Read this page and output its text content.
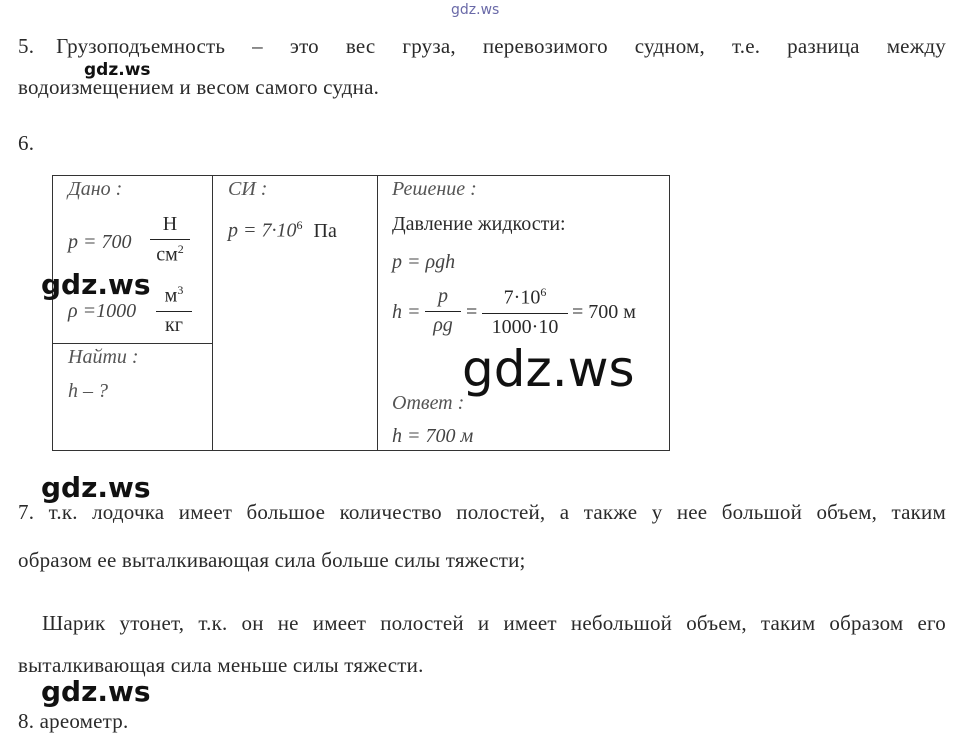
gdz.ws
5. Грузоподъемность – это вес груза, перевозимого судном, т.е. разница между
gdz.ws
водоизмещением и весом самого судна.
6.
Дано :
p = 700
Н
$см^2$
ρ =1000
$м^3$
кг
Найти :
h – ?
СИ :
$p = 7\cdot 10^6$ Па
Решение :
Давление жидкости:
p = ρgh
h =
p
ρg
=
$7\cdot 10^6$
1000·10
= 700 м
Ответ :
h = 700 м
gdz.ws
gdz.ws
gdz.ws
7. т.к. лодочка имеет большое количество полостей, а также у нее большой объем, таким
образом ее выталкивающая сила больше силы тяжести;
Шарик утонет, т.к. он не имеет полостей и имеет небольшой объем, таким образом его
выталкивающая сила меньше силы тяжести.
gdz.ws
8. ареометр.
